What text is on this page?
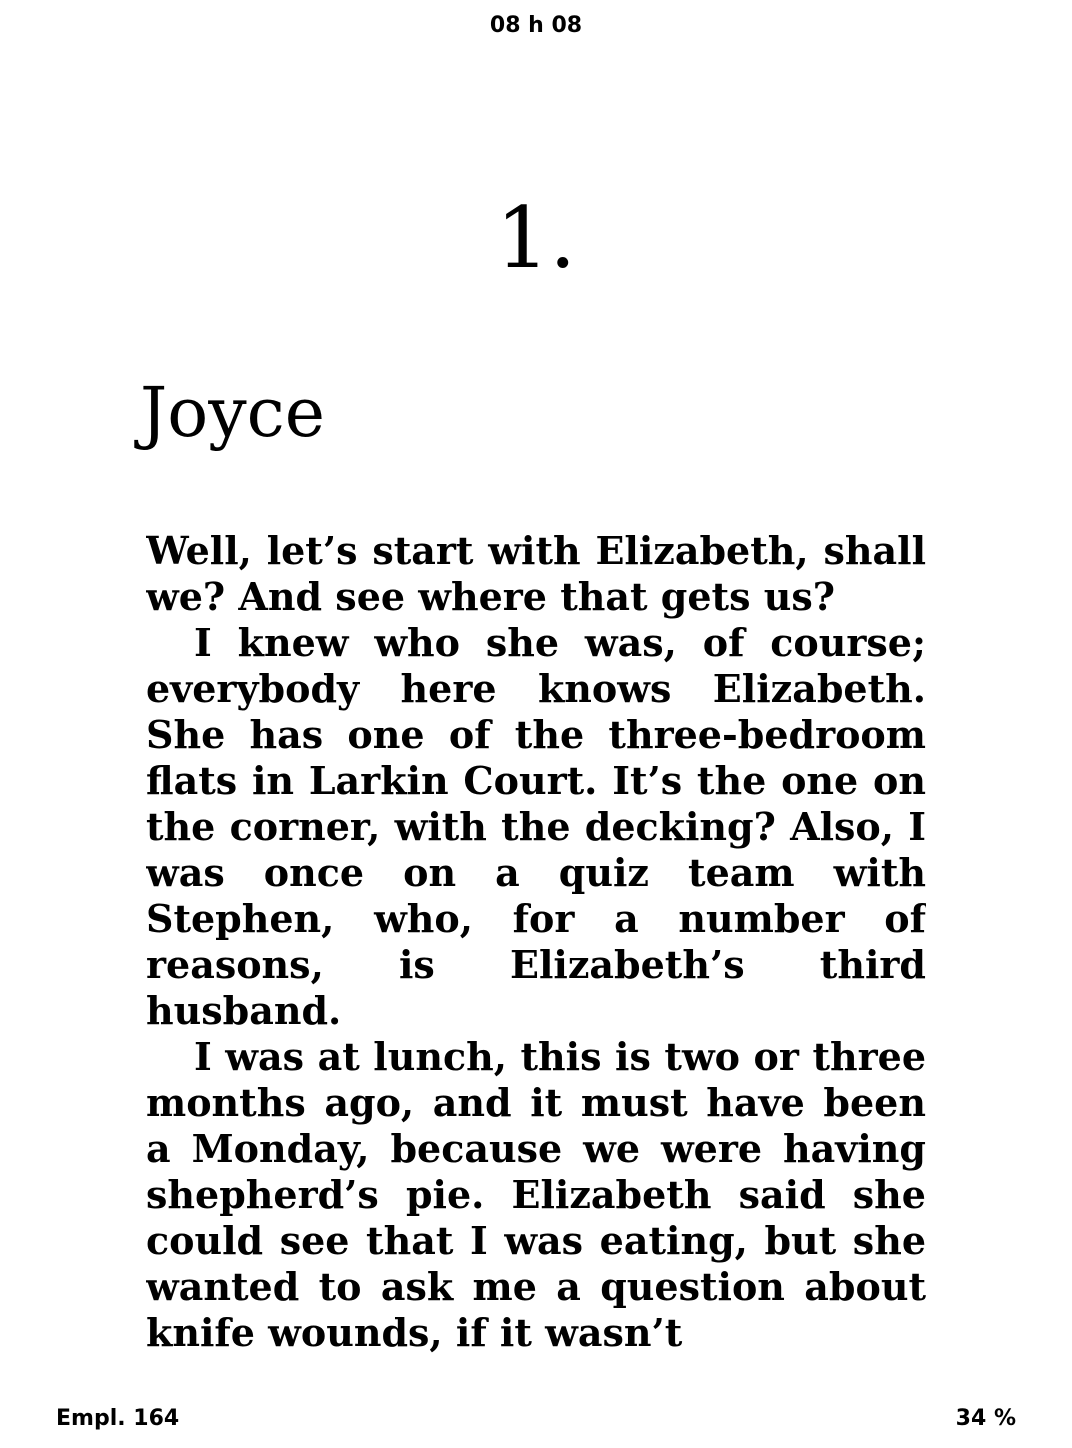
08 h 08
1.
Joyce

Well, let’s start with Elizabeth, shall we? And see where that gets us?

I knew who she was, of course; everybody here knows Elizabeth. She has one of the three-bedroom flats in Larkin Court. It’s the one on the corner, with the decking? Also, I was once on a quiz team with Stephen, who, for a number of reasons, is Elizabeth’s third husband.

I was at lunch, this is two or three months ago, and it must have been a Monday, because we were having shepherd’s pie. Elizabeth said she could see that I was eating, but she wanted to ask me a question about knife wounds, if it wasn’t

Empl. 164	34 %
